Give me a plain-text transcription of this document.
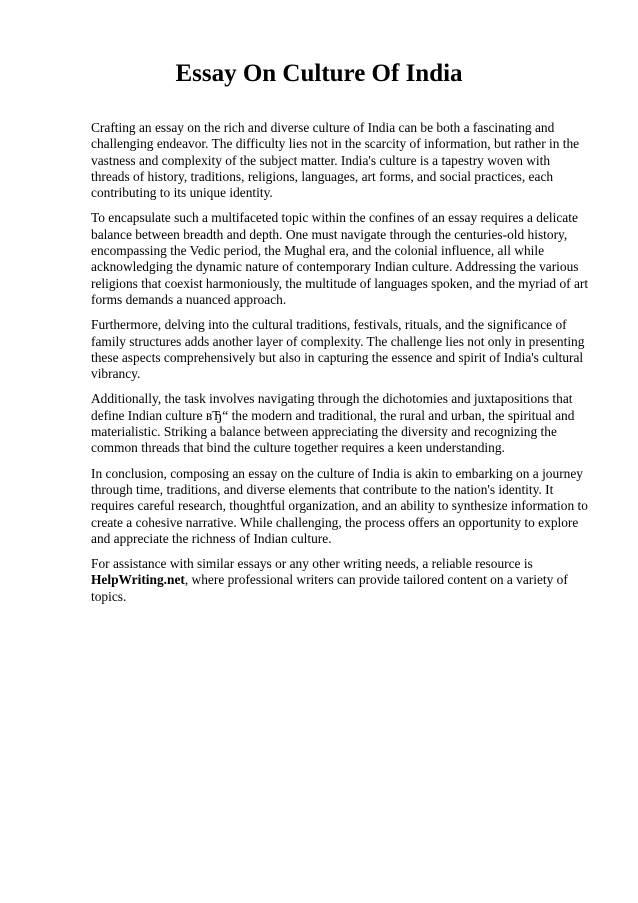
Essay On Culture Of India

Crafting an essay on the rich and diverse culture of India can be both a fascinating and challenging endeavor. The difficulty lies not in the scarcity of information, but rather in the vastness and complexity of the subject matter. India's culture is a tapestry woven with threads of history, traditions, religions, languages, art forms, and social practices, each contributing to its unique identity.

To encapsulate such a multifaceted topic within the confines of an essay requires a delicate balance between breadth and depth. One must navigate through the centuries-old history, encompassing the Vedic period, the Mughal era, and the colonial influence, all while acknowledging the dynamic nature of contemporary Indian culture. Addressing the various religions that coexist harmoniously, the multitude of languages spoken, and the myriad of art forms demands a nuanced approach.

Furthermore, delving into the cultural traditions, festivals, rituals, and the significance of family structures adds another layer of complexity. The challenge lies not only in presenting these aspects comprehensively but also in capturing the essence and spirit of India's cultural vibrancy.

Additionally, the task involves navigating through the dichotomies and juxtapositions that define Indian culture вЂ“ the modern and traditional, the rural and urban, the spiritual and materialistic. Striking a balance between appreciating the diversity and recognizing the common threads that bind the culture together requires a keen understanding.

In conclusion, composing an essay on the culture of India is akin to embarking on a journey through time, traditions, and diverse elements that contribute to the nation's identity. It requires careful research, thoughtful organization, and an ability to synthesize information to create a cohesive narrative. While challenging, the process offers an opportunity to explore and appreciate the richness of Indian culture.

For assistance with similar essays or any other writing needs, a reliable resource is HelpWriting.net, where professional writers can provide tailored content on a variety of topics.
